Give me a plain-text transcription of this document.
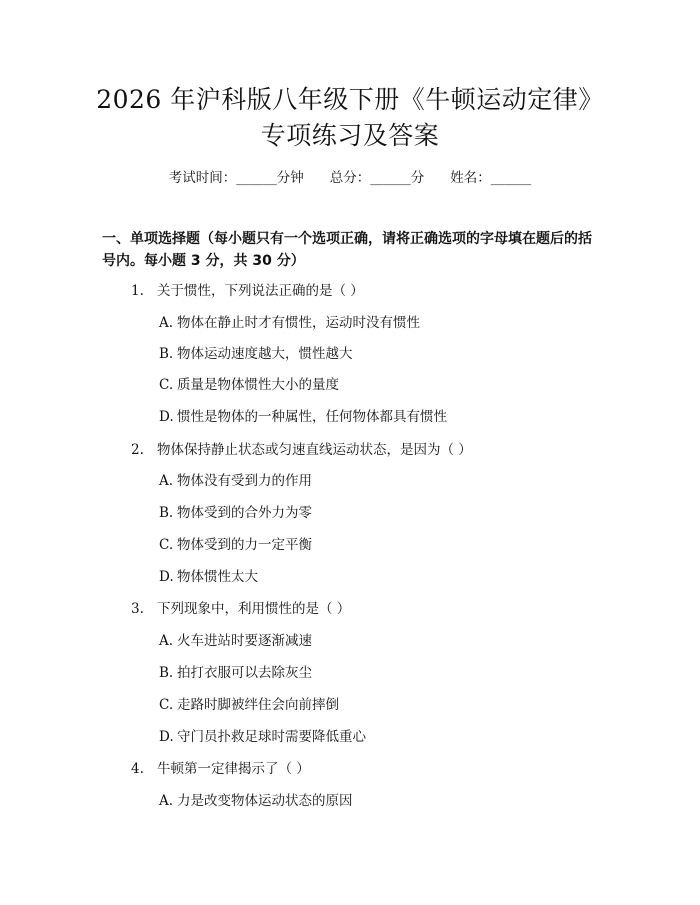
2026 年沪科版八年级下册《牛顿运动定律》
专项练习及答案
考试时间：______分钟 总分：______分 姓名：______
一、单项选择题（每小题只有一个选项正确，请将正确选项的字母填在题后的括号内。每小题 3 分，共 30 分）
1. 关于惯性，下列说法正确的是（ ）
A. 物体在静止时才有惯性，运动时没有惯性
B. 物体运动速度越大，惯性越大
C. 质量是物体惯性大小的量度
D. 惯性是物体的一种属性，任何物体都具有惯性
2. 物体保持静止状态或匀速直线运动状态，是因为（ ）
A. 物体没有受到力的作用
B. 物体受到的合外力为零
C. 物体受到的力一定平衡
D. 物体惯性太大
3. 下列现象中，利用惯性的是（ ）
A. 火车进站时要逐渐减速
B. 拍打衣服可以去除灰尘
C. 走路时脚被绊住会向前摔倒
D. 守门员扑救足球时需要降低重心
4. 牛顿第一定律揭示了（ ）
A. 力是改变物体运动状态的原因
